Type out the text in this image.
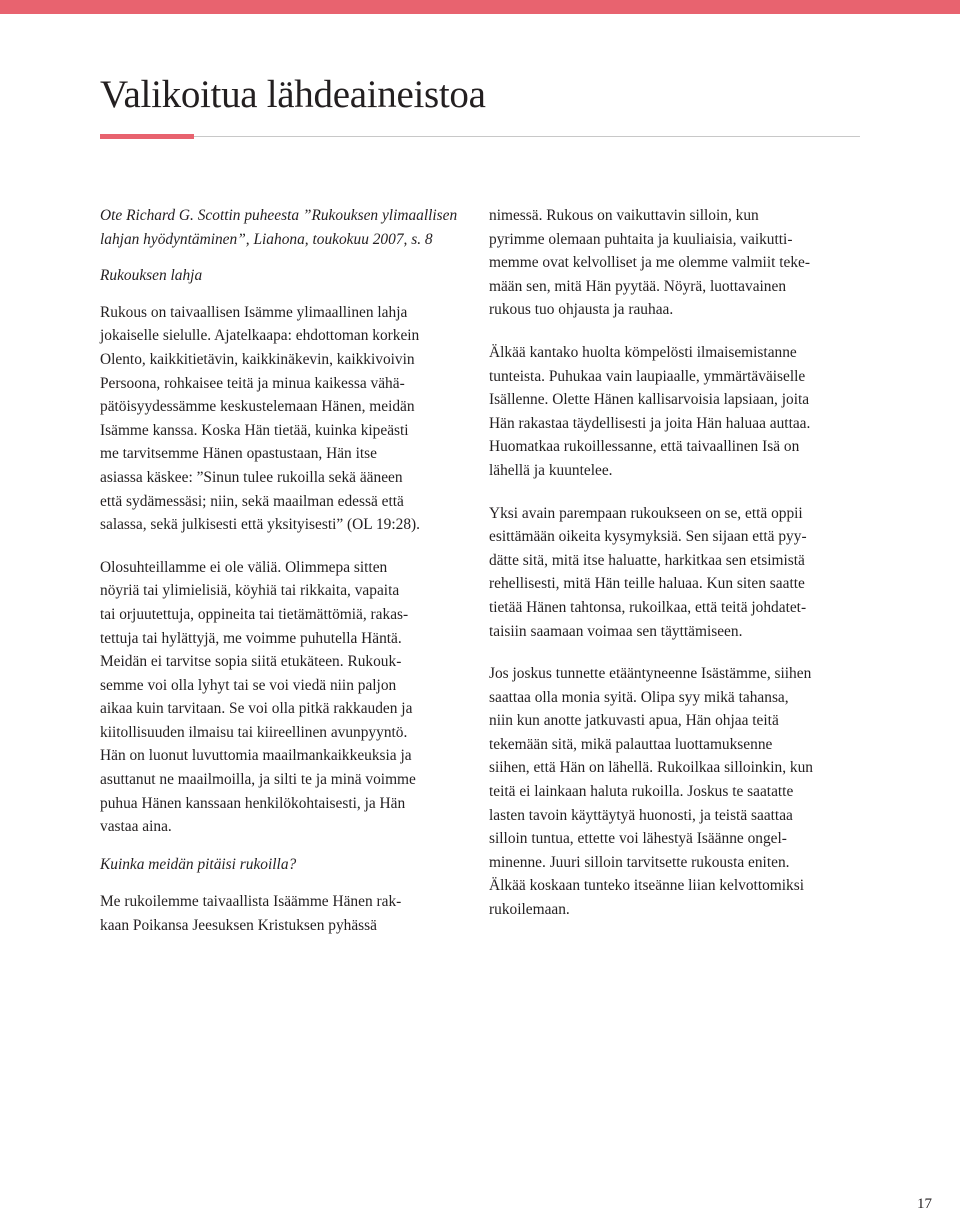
Valikoitua lähdeaineistoa

Ote Richard G. Scottin puheesta ”Rukouksen ylimaallisen
lahjan hyödyntäminen”, Liahona, toukokuu 2007, s. 8

Rukouksen lahja

Rukous on taivaallisen Isämme ylimaallinen lahja
jokaiselle sielulle. Ajatelkaapa: ehdottoman korkein
Olento, kaikkitietävin, kaikkinäkevin, kaikkivoivin
Persoona, rohkaisee teitä ja minua kaikessa vähä-
pätöisyydessämme keskustelemaan Hänen, meidän
Isämme kanssa. Koska Hän tietää, kuinka kipeästi
me tarvitsemme Hänen opastustaan, Hän itse
asiassa käskee: ”Sinun tulee rukoilla sekä ääneen
että sydämessäsi; niin, sekä maailman edessä että
salassa, sekä julkisesti että yksityisesti” (OL 19:28).

Olosuhteillamme ei ole väliä. Olimmepa sitten
nöyriä tai ylimielisiä, köyhiä tai rikkaita, vapaita
tai orjuutettuja, oppineita tai tietämättömiä, rakas-
tettuja tai hylättyjä, me voimme puhutella Häntä.
Meidän ei tarvitse sopia siitä etukäteen. Rukouk-
semme voi olla lyhyt tai se voi viedä niin paljon
aikaa kuin tarvitaan. Se voi olla pitkä rakkauden ja
kiitollisuuden ilmaisu tai kiireellinen avunpyyntö.
Hän on luonut luvuttomia maailmankaikkeuksia ja
asuttanut ne maailmoilla, ja silti te ja minä voimme
puhua Hänen kanssaan henkilökohtaisesti, ja Hän
vastaa aina.

Kuinka meidän pitäisi rukoilla?

Me rukoilemme taivaallista Isäämme Hänen rak-
kaan Poikansa Jeesuksen Kristuksen pyhässä

nimessä. Rukous on vaikuttavin silloin, kun
pyrimme olemaan puhtaita ja kuuliaisia, vaikutti-
memme ovat kelvolliset ja me olemme valmiit teke-
mään sen, mitä Hän pyytää. Nöyrä, luottavainen
rukous tuo ohjausta ja rauhaa.

Älkää kantako huolta kömpelösti ilmaisemistanne
tunteista. Puhukaa vain laupiaalle, ymmärtäväiselle
Isällenne. Olette Hänen kallisarvoisia lapsiaan, joita
Hän rakastaa täydellisesti ja joita Hän haluaa auttaa.
Huomatkaa rukoillessanne, että taivaallinen Isä on
lähellä ja kuuntelee.

Yksi avain parempaan rukoukseen on se, että oppii
esittämään oikeita kysymyksiä. Sen sijaan että pyy-
dätte sitä, mitä itse haluatte, harkitkaa sen etsimistä
rehellisesti, mitä Hän teille haluaa. Kun siten saatte
tietää Hänen tahtonsa, rukoilkaa, että teitä johdatet-
taisiin saamaan voimaa sen täyttämiseen.

Jos joskus tunnette etääntyneenne Isästämme, siihen
saattaa olla monia syitä. Olipa syy mikä tahansa,
niin kun anotte jatkuvasti apua, Hän ohjaa teitä
tekemään sitä, mikä palauttaa luottamuksenne
siihen, että Hän on lähellä. Rukoilkaa silloinkin, kun
teitä ei lainkaan haluta rukoilla. Joskus te saatatte
lasten tavoin käyttäytyä huonosti, ja teistä saattaa
silloin tuntua, ettette voi lähestyä Isäänne ongel-
minenne. Juuri silloin tarvitsette rukousta eniten.
Älkää koskaan tunteko itseänne liian kelvottomiksi
rukoilemaan.

17
